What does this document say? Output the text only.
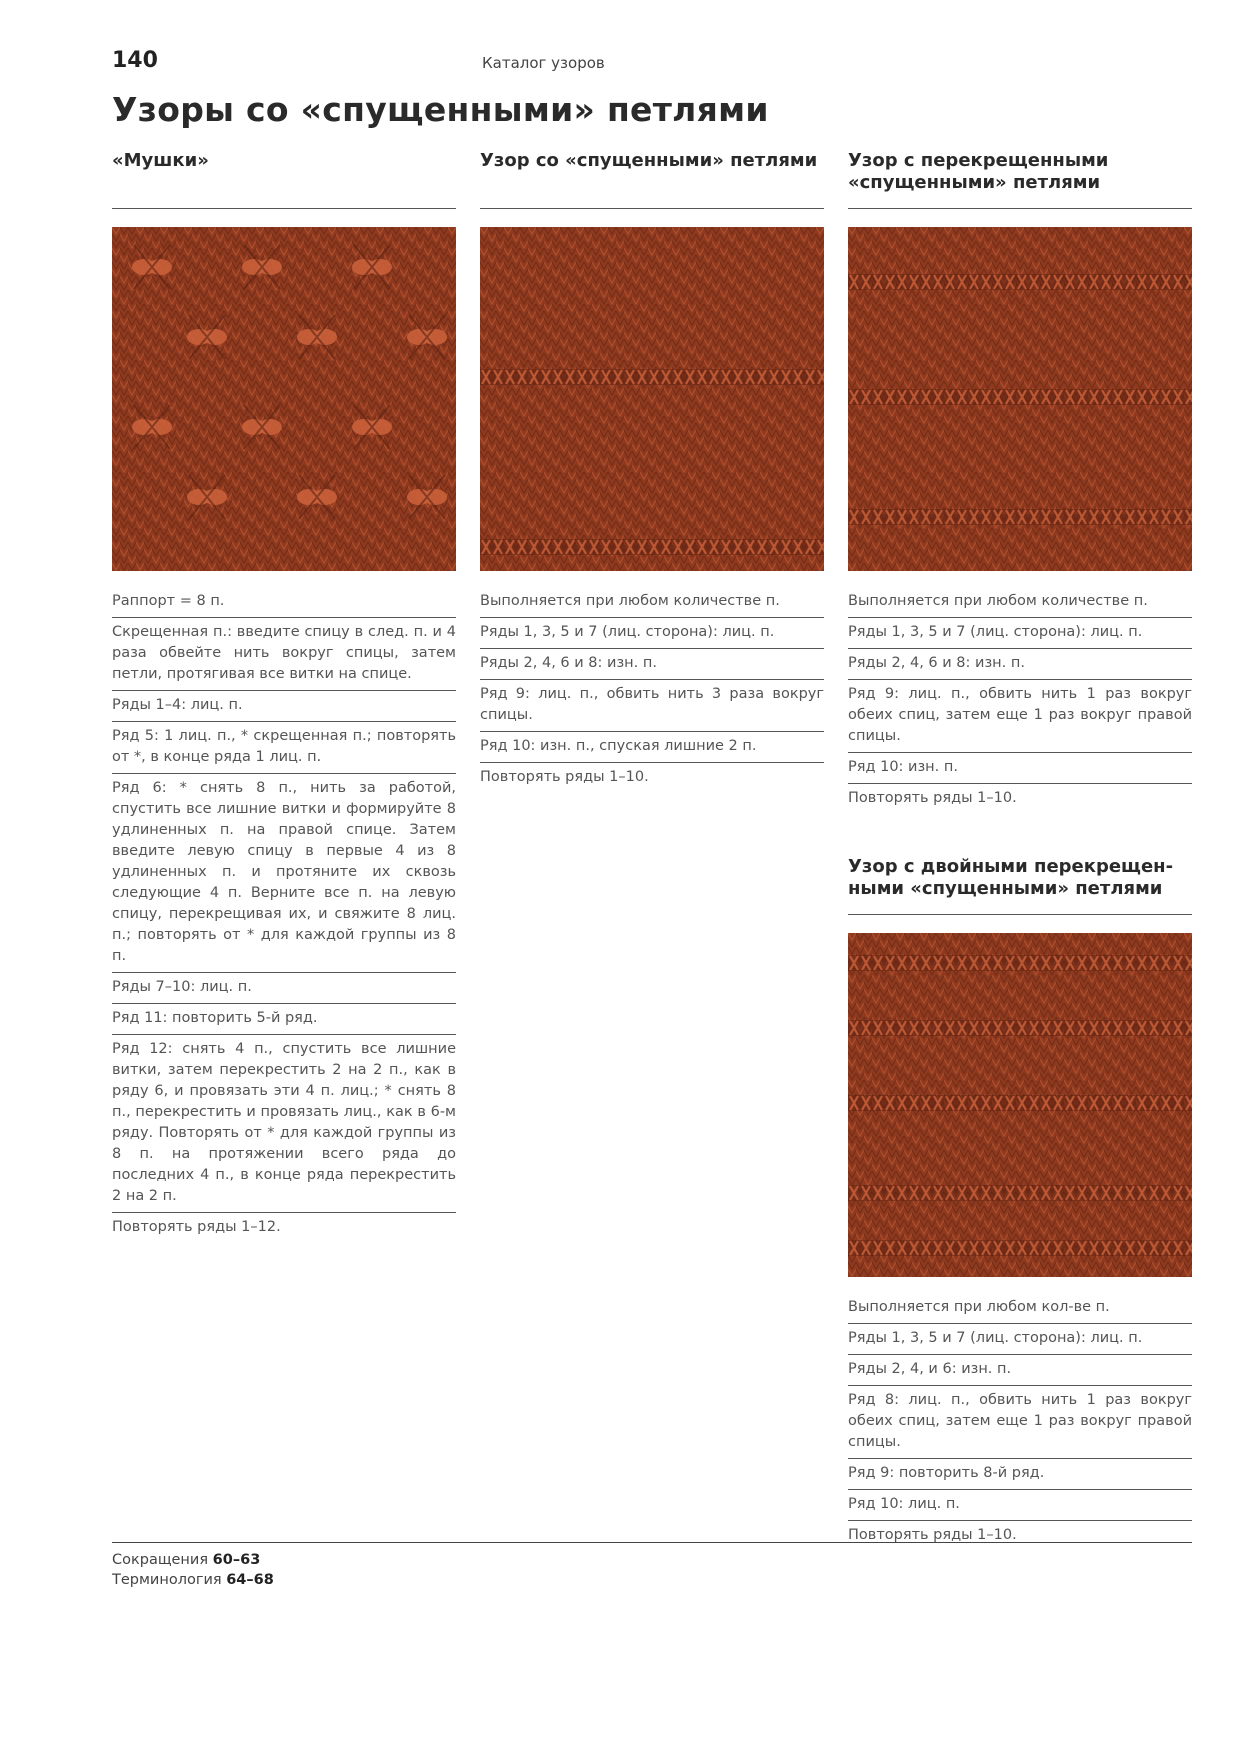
140	Каталог узоров
Узоры со «спущенными» петлями
«Мушки»
Раппорт = 8 п.
Скрещенная п.: введите спицу в след. п. и 4 раза обвейте нить вокруг спицы, затем петли, протягивая все витки на спице.
Ряды 1–4: лиц. п.
Ряд 5: 1 лиц. п., * скрещенная п.; повторять от *, в конце ряда 1 лиц. п.
Ряд 6: * снять 8 п., нить за работой, спустить все лишние витки и формируйте 8 удлиненных п. на правой спице. Затем введите левую спицу в первые 4 из 8 удлиненных п. и протяните их сквозь следующие 4 п. Верните все п. на левую спицу, перекрещивая их, и свяжите 8 лиц. п.; повторять от * для каждой группы из 8 п.
Ряды 7–10: лиц. п.
Ряд 11: повторить 5-й ряд.
Ряд 12: снять 4 п., спустить все лишние витки, затем перекрестить 2 на 2 п., как в ряду 6, и провязать эти 4 п. лиц.; * снять 8 п., перекрестить и провязать лиц., как в 6-м ряду. Повторять от * для каждой группы из 8 п. на протяжении всего ряда до последних 4 п., в конце ряда перекрестить 2 на 2 п.
Повторять ряды 1–12.
Узор со «спущенными» петлями
Выполняется при любом количестве п.
Ряды 1, 3, 5 и 7 (лиц. сторона): лиц. п.
Ряды 2, 4, 6 и 8: изн. п.
Ряд 9: лиц. п., обвить нить 3 раза вокруг спицы.
Ряд 10: изн. п., спуская лишние 2 п.
Повторять ряды 1–10.
Узор с перекрещенными «спущенными» петлями
Выполняется при любом количестве п.
Ряды 1, 3, 5 и 7 (лиц. сторона): лиц. п.
Ряды 2, 4, 6 и 8: изн. п.
Ряд 9: лиц. п., обвить нить 1 раз вокруг обеих спиц, затем еще 1 раз вокруг правой спицы.
Ряд 10: изн. п.
Повторять ряды 1–10.
Узор с двойными перекрещен-ными «спущенными» петлями
Выполняется при любом кол-ве п.
Ряды 1, 3, 5 и 7 (лиц. сторона): лиц. п.
Ряды 2, 4, и 6: изн. п.
Ряд 8: лиц. п., обвить нить 1 раз вокруг обеих спиц, затем еще 1 раз вокруг правой спицы.
Ряд 9: повторить 8-й ряд.
Ряд 10: лиц. п.
Повторять ряды 1–10.
Сокращения 60–63
Терминология 64–68
